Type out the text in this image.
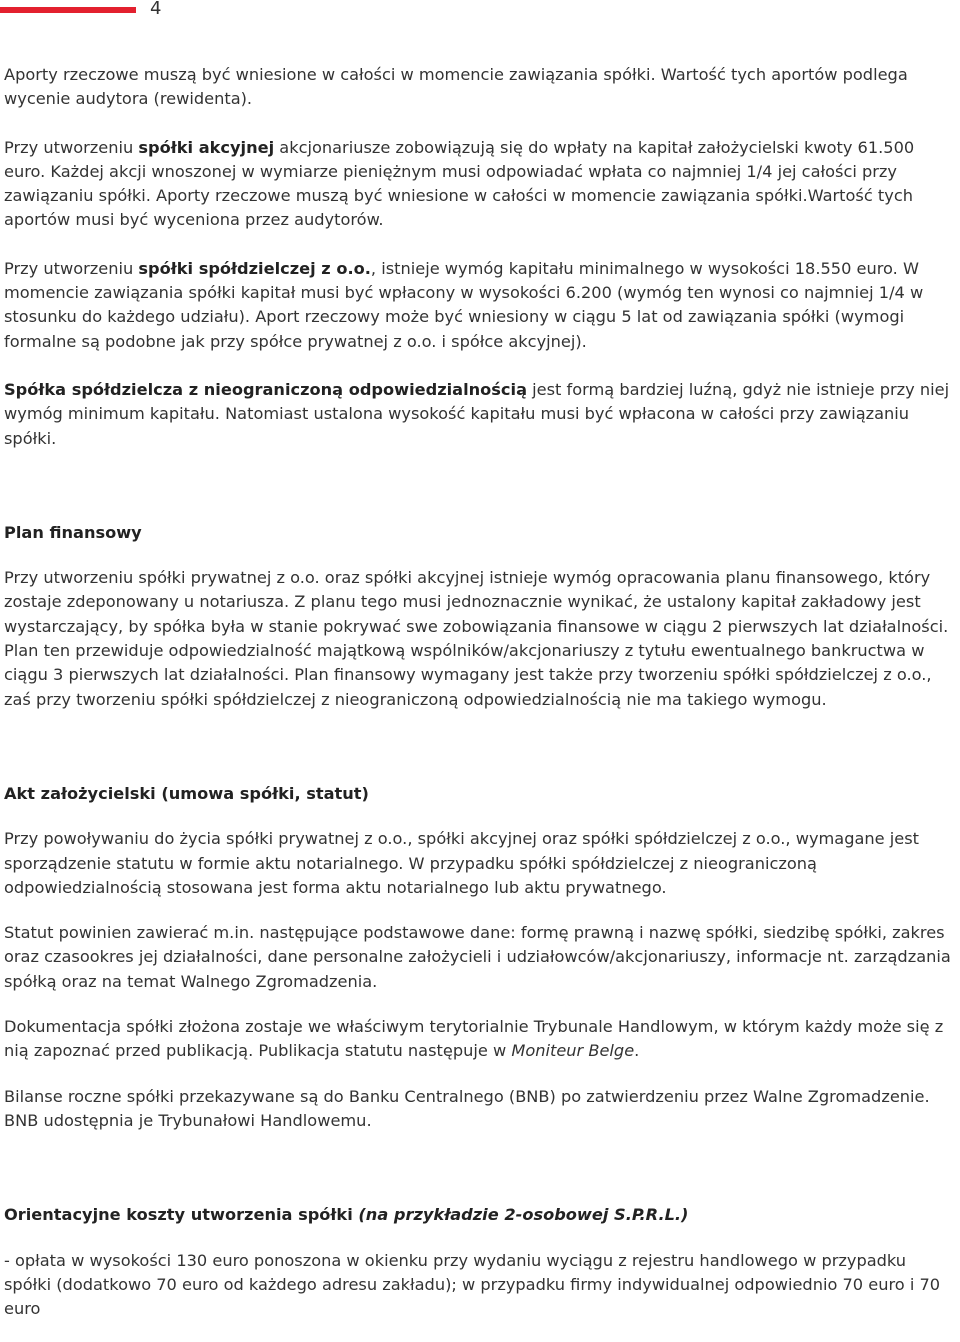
4

Aporty rzeczowe muszą być wniesione w całości w momencie zawiązania spółki. Wartość tych aportów podlega wycenie audytora (rewidenta).

Przy utworzeniu spółki akcyjnej akcjonariusze zobowiązują się do wpłaty na kapitał założycielski kwoty 61.500 euro. Każdej akcji wnoszonej w wymiarze pieniężnym musi odpowiadać wpłata co najmniej 1/4 jej całości przy zawiązaniu spółki. Aporty rzeczowe muszą być wniesione w całości w momencie zawiązania spółki.Wartość tych aportów musi być wyceniona przez audytorów.

Przy utworzeniu spółki spółdzielczej z o.o., istnieje wymóg kapitału minimalnego w wysokości 18.550 euro. W momencie zawiązania spółki kapitał musi być wpłacony w wysokości 6.200 (wymóg ten wynosi co najmniej 1/4 w stosunku do każdego udziału). Aport rzeczowy może być wniesiony w ciągu 5 lat od zawiązania spółki (wymogi formalne są podobne jak przy spółce prywatnej z o.o. i spółce akcyjnej).

Spółka spółdzielcza z nieograniczoną odpowiedzialnością jest formą bardziej luźną, gdyż nie istnieje przy niej wymóg minimum kapitału. Natomiast ustalona wysokość kapitału musi być wpłacona w całości przy zawiązaniu spółki.

Plan finansowy

Przy utworzeniu spółki prywatnej z o.o. oraz spółki akcyjnej istnieje wymóg opracowania planu finansowego, który zostaje zdeponowany u notariusza. Z planu tego musi jednoznacznie wynikać, że ustalony kapitał zakładowy jest wystarczający, by spółka była w stanie pokrywać swe zobowiązania finansowe w ciągu 2 pierwszych lat działalności. Plan ten przewiduje odpowiedzialność majątkową wspólników/akcjonariuszy z tytułu ewentualnego bankructwa w ciągu 3 pierwszych lat działalności. Plan finansowy wymagany jest także przy tworzeniu spółki spółdzielczej z o.o., zaś przy tworzeniu spółki spółdzielczej z nieograniczoną odpowiedzialnością nie ma takiego wymogu.

Akt założycielski (umowa spółki, statut)

Przy powoływaniu do życia spółki prywatnej z o.o., spółki akcyjnej oraz spółki spółdzielczej z o.o., wymagane jest sporządzenie statutu w formie aktu notarialnego. W przypadku spółki spółdzielczej z nieograniczoną odpowiedzialnością stosowana jest forma aktu notarialnego lub aktu prywatnego.

Statut powinien zawierać m.in. następujące podstawowe dane: formę prawną i nazwę spółki, siedzibę spółki, zakres oraz czasookres jej działalności, dane personalne założycieli i udziałowców/akcjonariuszy, informacje nt. zarządzania spółką oraz na temat Walnego Zgromadzenia.

Dokumentacja spółki złożona zostaje we właściwym terytorialnie Trybunale Handlowym, w którym każdy może się z nią zapoznać przed publikacją. Publikacja statutu następuje w Moniteur Belge.

Bilanse roczne spółki przekazywane są do Banku Centralnego (BNB) po zatwierdzeniu przez Walne Zgromadzenie. BNB udostępnia je Trybunałowi Handlowemu.

Orientacyjne koszty utworzenia spółki (na przykładzie 2-osobowej S.P.R.L.)

- opłata w wysokości 130 euro ponoszona w okienku przy wydaniu wyciągu z rejestru handlowego w przypadku spółki (dodatkowo 70 euro od każdego adresu zakładu); w przypadku firmy indywidualnej odpowiednio 70 euro i 70 euro
